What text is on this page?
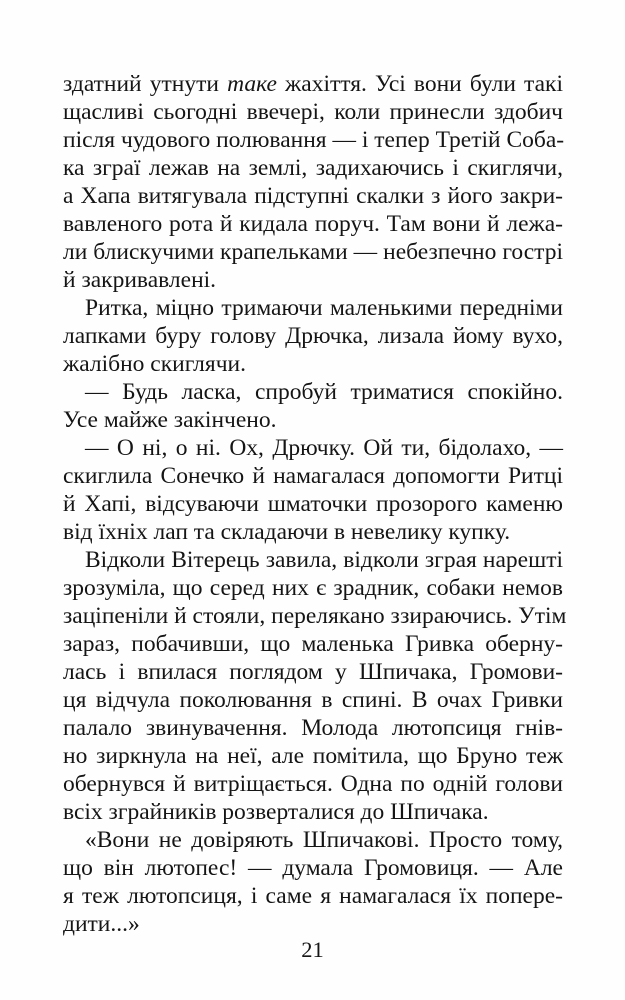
здатний утнути таке жахіття. Усі вони були такі
щасливі сьогодні ввечері, коли принесли здобич
після чудового полювання — і тепер Третій Соба-
ка зграї лежав на землі, задихаючись і скиглячи,
а Хапа витягувала підступні скалки з його закри-
вавленого рота й кидала поруч. Там вони й лежа-
ли блискучими крапельками — небезпечно гострі
й закривавлені.
Ритка, міцно тримаючи маленькими передніми
лапками буру голову Дрючка, лизала йому вухо,
жалібно скиглячи.
— Будь ласка, спробуй триматися спокійно.
Усе майже закінчено.
— О ні, о ні. Ох, Дрючку. Ой ти, бідолахо, —
скиглила Сонечко й намагалася допомогти Ритці
й Хапі, відсуваючи шматочки прозорого каменю
від їхніх лап та складаючи в невелику купку.
Відколи Вітерець завила, відколи зграя нарешті
зрозуміла, що серед них є зрадник, собаки немов
заціпеніли й стояли, перелякано ззираючись. Утім
зараз, побачивши, що маленька Гривка оберну-
лась і впилася поглядом у Шпичака, Громови-
ця відчула поколювання в спині. В очах Гривки
палало звинувачення. Молода лютопсиця гнів-
но зиркнула на неї, але помітила, що Бруно теж
обернувся й витріщається. Одна по одній голови
всіх зграйників розверталися до Шпичака.
«Вони не довіряють Шпичакові. Просто тому,
що він лютопес! — думала Громовиця. — Але
я теж лютопсиця, і саме я намагалася їх попере-
дити...»
21
